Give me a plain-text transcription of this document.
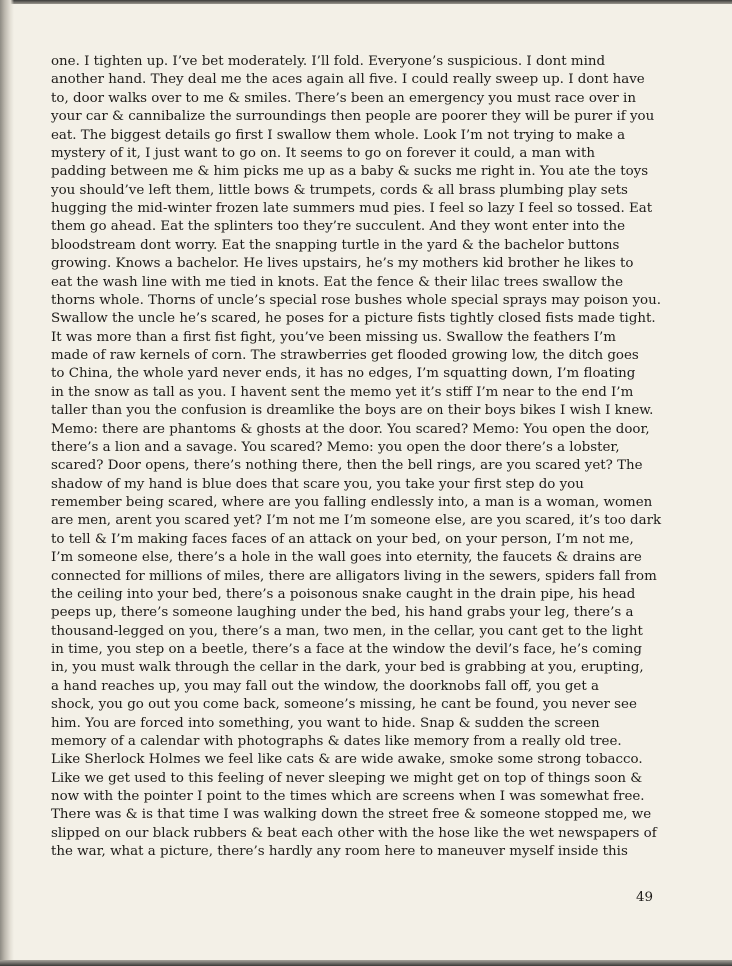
one. I tighten up. I’ve bet moderately. I’ll fold. Everyone’s suspicious. I dont mind
another hand. They deal me the aces again all five. I could really sweep up. I dont have
to, door walks over to me & smiles. There’s been an emergency you must race over in
your car & cannibalize the surroundings then people are poorer they will be purer if you
eat. The biggest details go first I swallow them whole. Look I’m not trying to make a
mystery of it, I just want to go on. It seems to go on forever it could, a man with
padding between me & him picks me up as a baby & sucks me right in. You ate the toys
you should’ve left them, little bows & trumpets, cords & all brass plumbing play sets
hugging the mid-winter frozen late summers mud pies. I feel so lazy I feel so tossed. Eat
them go ahead. Eat the splinters too they’re succulent. And they wont enter into the
bloodstream dont worry. Eat the snapping turtle in the yard & the bachelor buttons
growing. Knows a bachelor. He lives upstairs, he’s my mothers kid brother he likes to
eat the wash line with me tied in knots. Eat the fence & their lilac trees swallow the
thorns whole. Thorns of uncle’s special rose bushes whole special sprays may poison you.
Swallow the uncle he’s scared, he poses for a picture fists tightly closed fists made tight.
It was more than a first fist fight, you’ve been missing us. Swallow the feathers I’m
made of raw kernels of corn. The strawberries get flooded growing low, the ditch goes
to China, the whole yard never ends, it has no edges, I’m squatting down, I’m floating
in the snow as tall as you. I havent sent the memo yet it’s stiff I’m near to the end I’m
taller than you the confusion is dreamlike the boys are on their boys bikes I wish I knew.
Memo: there are phantoms & ghosts at the door. You scared? Memo: You open the door,
there’s a lion and a savage. You scared? Memo: you open the door there’s a lobster,
scared? Door opens, there’s nothing there, then the bell rings, are you scared yet? The
shadow of my hand is blue does that scare you, you take your first step do you
remember being scared, where are you falling endlessly into, a man is a woman, women
are men, arent you scared yet? I’m not me I’m someone else, are you scared, it’s too dark
to tell & I’m making faces faces of an attack on your bed, on your person, I’m not me,
I’m someone else, there’s a hole in the wall goes into eternity, the faucets & drains are
connected for millions of miles, there are alligators living in the sewers, spiders fall from
the ceiling into your bed, there’s a poisonous snake caught in the drain pipe, his head
peeps up, there’s someone laughing under the bed, his hand grabs your leg, there’s a
thousand-legged on you, there’s a man, two men, in the cellar, you cant get to the light
in time, you step on a beetle, there’s a face at the window the devil’s face, he’s coming
in, you must walk through the cellar in the dark, your bed is grabbing at you, erupting,
a hand reaches up, you may fall out the window, the doorknobs fall off, you get a
shock, you go out you come back, someone’s missing, he cant be found, you never see
him. You are forced into something, you want to hide. Snap & sudden the screen
memory of a calendar with photographs & dates like memory from a really old tree.
Like Sherlock Holmes we feel like cats & are wide awake, smoke some strong tobacco.
Like we get used to this feeling of never sleeping we might get on top of things soon &
now with the pointer I point to the times which are screens when I was somewhat free.
There was & is that time I was walking down the street free & someone stopped me, we
slipped on our black rubbers & beat each other with the hose like the wet newspapers of
the war, what a picture, there’s hardly any room here to maneuver myself inside this
49
